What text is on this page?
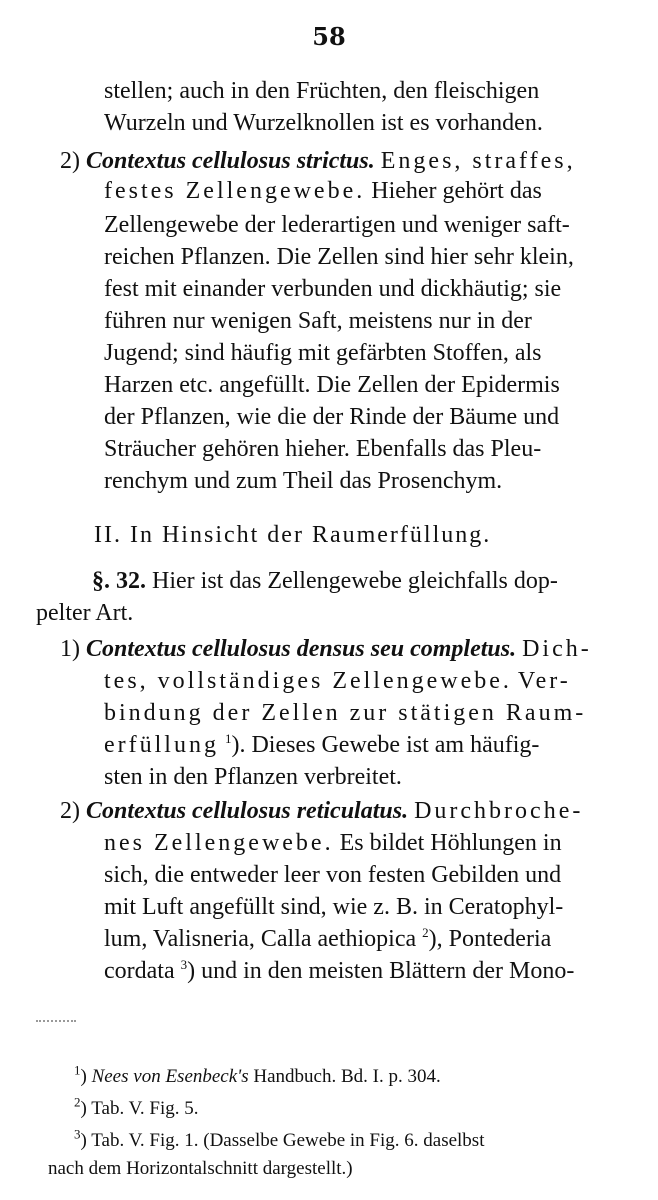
58
stellen; auch in den Früchten, den fleischigen
Wurzeln und Wurzelknollen ist es vorhanden.
2) Contextus cellulosus strictus. Enges, straffes,
festes Zellengewebe. Hieher gehört das
Zellengewebe der lederartigen und weniger saft-
reichen Pflanzen. Die Zellen sind hier sehr klein,
fest mit einander verbunden und dickhäutig; sie
führen nur wenigen Saft, meistens nur in der
Jugend; sind häufig mit gefärbten Stoffen, als
Harzen etc. angefüllt. Die Zellen der Epidermis
der Pflanzen, wie die der Rinde der Bäume und
Sträucher gehören hieher. Ebenfalls das Pleu-
renchym und zum Theil das Prosenchym.
II. In Hinsicht der Raumerfüllung.
§. 32. Hier ist das Zellengewebe gleichfalls dop-
pelter Art.
1) Contextus cellulosus densus seu completus. Dich-
tes, vollständiges Zellengewebe. Ver-
bindung der Zellen zur stätigen Raum-
erfüllung $^1$). Dieses Gewebe ist am häufig-
sten in den Pflanzen verbreitet.
2) Contextus cellulosus reticulatus. Durchbroche-
nes Zellengewebe. Es bildet Höhlungen in
sich, die entweder leer von festen Gebilden und
mit Luft angefüllt sind, wie z. B. in Ceratophyl-
lum, Valisneria, Calla aethiopica $^2$), Pontederia
cordata $^3$) und in den meisten Blättern der Mono-
$^1$) Nees von Esenbeck's Handbuch. Bd. I. p. 304.
$^2$) Tab. V. Fig. 5.
$^3$) Tab. V. Fig. 1. (Dasselbe Gewebe in Fig. 6. daselbst
nach dem Horizontalschnitt dargestellt.)
